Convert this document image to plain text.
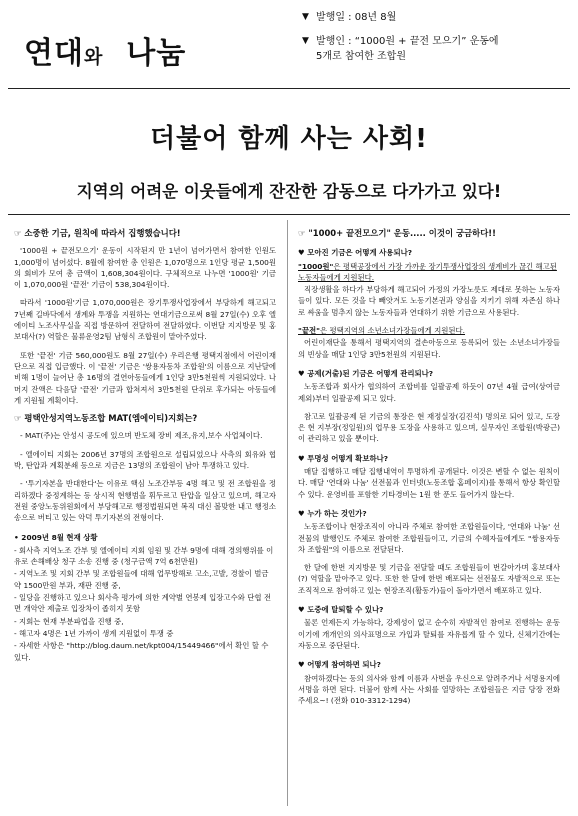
연대와 나눔
▼ 발행일 : 08년 8월
▼ 발행인 : “1000원 + 끝전 모으기” 운동에
5개로 참여한 조합원
더불어 함께 사는 사회!
지역의 어려운 이웃들에게 잔잔한 감동으로 다가가고 있다!
☞ 소중한 기금, 원칙에 따라서 집행했습니다!
'1000원 + 끝전모으기' 운동이 시작된지 만 1년이 넘어가면서 참여한 인원도 1,000명이 넘어섰다. 8월에 참여한 총 인원은 1,070명으로 1인당 평균 1,500원의 회비가 모여 총 금액이 1,608,304원이다. 구체적으로 나누면 '1000원' 기금이 1,070,000원 '끝전' 기금이 538,304원이다.
따라서 '1000원'기금 1,070,000원은 장기투쟁사업장에서 부당하게 해고되고 7년째 길바닥에서 생계와 투쟁을 지원하는 연대기금으로써 8월 27일(수) 오후 엘에이티 노조사무실을 직접 방문하여 전달하여 전달하였다. 이번달 지지방문 및 홍보대사(?) 역할은 물류운영2팀 남형식 조합원이 맡아주었다.
또한 '끝전' 기금 560,000원도 8월 27일(수) 우리은행 평택지점에서 어린이재단으로 직접 입금했다. 이 '끝전' 기금은 '쌍용자동차 조합원'의 이름으로 지난달에 비해 1명이 늘어난 총 16명의 결연아동들에게 1인당 3만5천원씩 지원되었다. 나머지 잔액은 다음달 '끝전' 기금과 합쳐져서 3만5천원 단위로 후가되는 아동들에게 지원될 계획이다.
☞ 평택안성지역노동조합 MAT(엠에이티)지회는?
- MAT(주)는 안성시 공도에 있으며 반도체 장비 제조,유지,보수 사업체이다.
- 엘에이티 지회는 2006년 37명의 조합원으로 설립되었으나 사측의 회유와 협박, 탄압과 계획분쇄 등으로 지금은 13명의 조합원이 남아 투쟁하고 있다.
- '투기자본을 반대한다'는 이유로 핵심 노조간부등 4명 해고 및 전 조합원을 정리하겠다 중정계하는 등 상시적 현행범을 휘두르고 탄압을 일삼고 있으며, 해고자 전원 중앙노동위원회에서 부당해고로 행정법원되면 복직 대신 볼맞한 내고 행정소송으로 버티고 있는 악덕 투기자본의 전형이다.
• 2009년 8월 현재 상황
- 회사측 지역노조 간부 및 엘에이티 지회 임원 및 간부 9명에 대해 경의행위를 이유로 손해배상 청구 소송 진행 중 (청구금액 7억 6천만원)
- 지역노조 및 지회 간부 및 조합원들에 대해 업무방해로 고소,고발, 경찰이 벌금 약 1500만원 부과, 재판 진행 중,
- 일당을 진행하고 있으나 회사측 평가에 의한 계약별 연봉제 입장고수와 단협 전면 개악안 제출로 입장차이 좁히지 못함
- 지회는 현재 부분파업을 진행 중,
- 해고자 4명은 1년 가까이 생계 지원없이 투쟁 중
- 자세한 사항은 "http://blog.daum.net/kpt004/15449466"에서 확인 할 수 있다.
☞ "1000+ 끝전모으기" 운동..... 이것이 궁금하다!!
♥ 모아진 기금은 어떻게 사용되나?
"1000원"은 평택공장에서 가장 가까운 장기투쟁사업장의 생계비가 끊긴 해고된 노동자들에게 지원된다.
직장생활을 하다가 부당하게 해고되어 가정의 가장노릇도 제대로 못하는 노동자들이 있다. 모든 것을 다 빼앗겨도 노동기본권과 양심을 지키기 위해 자존심 하나로 싸움을 멈추지 않는 노동자들과 연대하기 위한 기금으로 사용된다.
"끝전"은 평택지역의 소년소녀가장들에게 지원된다.
어린이재단을 통해서 평택지역의 결손아동으로 등록되어 있는 소년소녀가장들의 빈상을 매달 1인당 3만5천원의 지원된다.
♥ 공제(거출)된 기금은 어떻게 관리되나?
노동조합과 회사가 협의하여 조합비를 일괄공제 하듯이 07년 4월 급여(상여금 제외)부터 일괄공제 되고 있다.
참고로 일괄공제 된 기금의 통장은 현 재정실장(김진석) 명의로 되어 있고, 도장은 현 지부장(정일원)의 업무용 도장을 사용하고 있으며, 실무자인 조합원(박광근)이 관리하고 있을 뿐이다.
♥ 투명성 어떻게 확보하나?
매달 집행하고 매달 집행내역이 투명하게 공개된다. 이것은 변할 수 없는 원칙이다. 매달 '연대와 나눔' 선전물과 인터넷(노동조합 홈페이지)를 통해서 항상 확인할 수 있다. 운영비를 포함한 기타경비는 1원 한 푼도 들어가지 않는다.
♥ 누가 하는 것인가?
노동조합이나 현장조직이 아니라 주체로 참여한 조합원들이다, '연대와 나눔' 선전물의 발행인도 주체로 참여한 조합원들이고, 기금의 수혜자들에게도 "쌍용자동차 조합원"의 이름으로 전달된다.
한 달에 한번 지지방문 및 기금을 전달할 때도 조합원들이 번갈아가며 홍보대사(?) 역할을 맡아주고 있다. 또한 한 달에 한번 배포되는 선전물도 자발적으로 또는 조직적으로 참여하고 있는 현장조직(활동가)들이 돌아가면서 배포하고 있다.
♥ 도중에 탈퇴할 수 있나?
물론 언제든지 가능하다, 강제성이 없고 순수히 자발적인 참여로 진행하는 운동이기에 개개인의 의사표명으로 가입과 탈퇴를 자유롭게 할 수 있다, 신체기간에는 자동으로 중단된다.
♥ 어떻게 참여하면 되나?
참여하겠다는 동의 의사와 함께 이름과 사번을 우신으로 알려주거나 서명용지에 서명을 하면 된다. 더불어 함께 사는 사회를 열망하는 조합원들은 지금 당장 전화주세요~! (전화 010-3312-1294)
